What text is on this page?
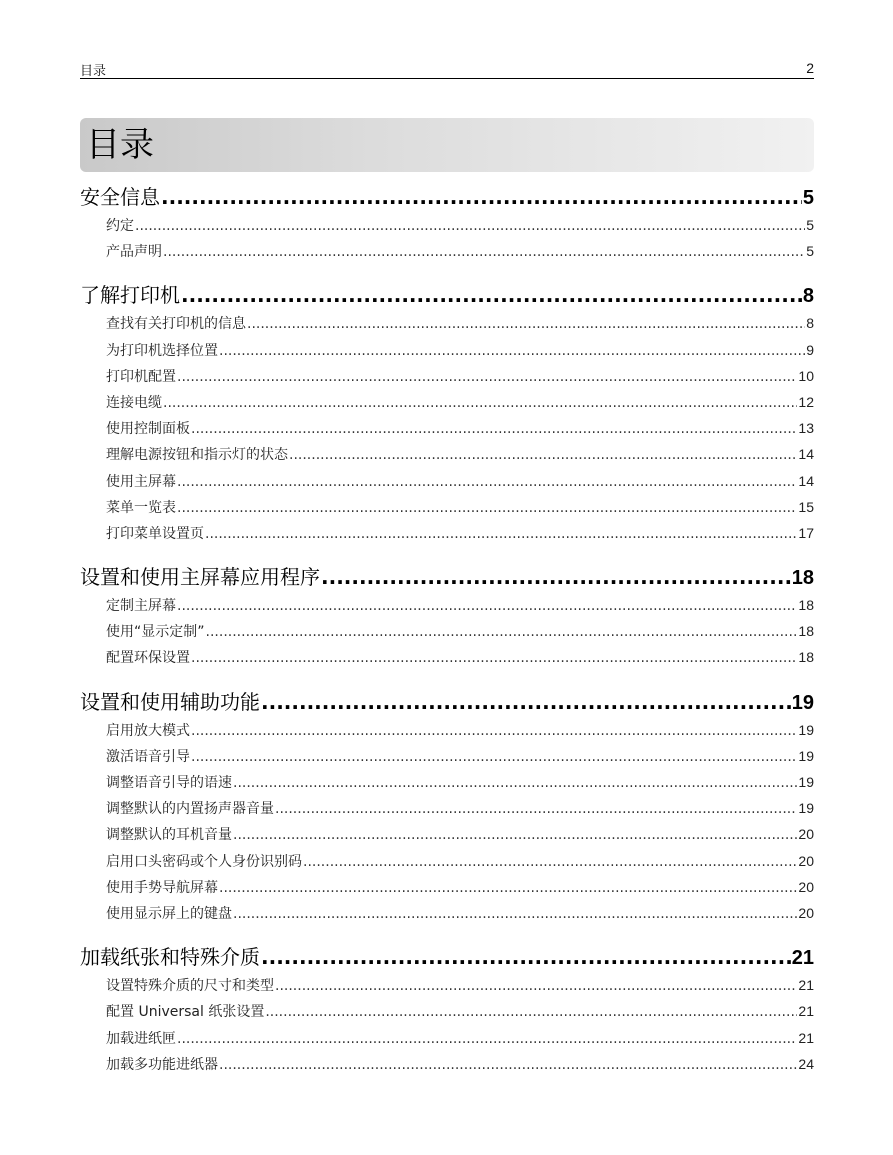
目录	2
目录
安全信息 .....	5
约定 .....	5
产品声明 .....	5
了解打印机 .....	8
查找有关打印机的信息 .....	8
为打印机选择位置 .....	9
打印机配置 .....	10
连接电缆 .....	12
使用控制面板 .....	13
理解电源按钮和指示灯的状态 .....	14
使用主屏幕 .....	14
菜单一览表 .....	15
打印菜单设置页 .....	17
设置和使用主屏幕应用程序 .....	18
定制主屏幕 .....	18
使用“显示定制” .....	18
配置环保设置 .....	18
设置和使用辅助功能 .....	19
启用放大模式 .....	19
激活语音引导 .....	19
调整语音引导的语速 .....	19
调整默认的内置扬声器音量 .....	19
调整默认的耳机音量 .....	20
启用口头密码或个人身份识别码 .....	20
使用手势导航屏幕 .....	20
使用显示屏上的键盘 .....	20
加载纸张和特殊介质 .....	21
设置特殊介质的尺寸和类型 .....	21
配置 Universal 纸张设置 .....	21
加载进纸匣 .....	21
加载多功能进纸器 .....	24
